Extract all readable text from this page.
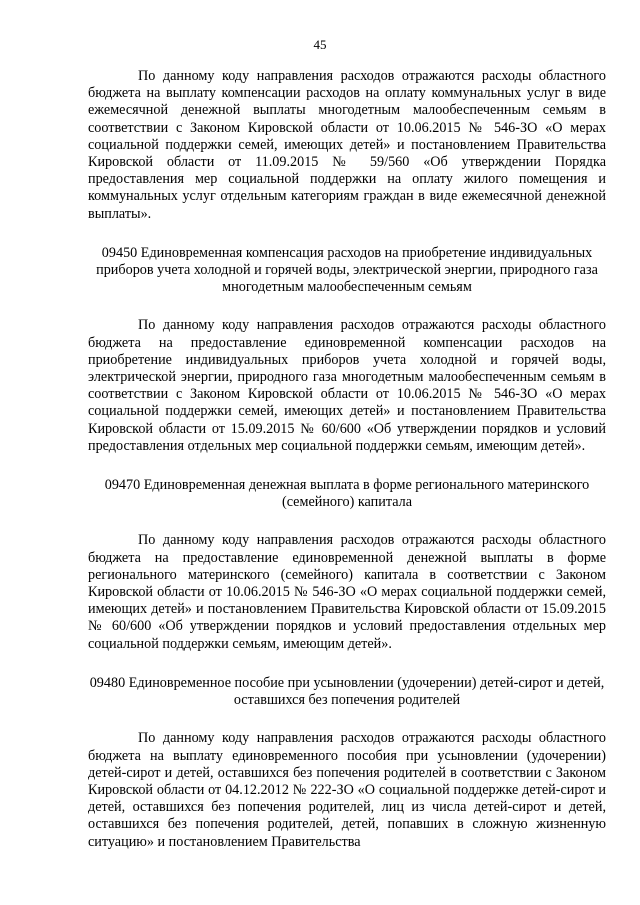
45

По данному коду направления расходов отражаются расходы областного бюджета на выплату компенсации расходов на оплату коммунальных услуг в виде ежемесячной денежной выплаты многодетным малообеспеченным семьям в соответствии с Законом Кировской области от 10.06.2015 № 546-ЗО «О мерах социальной поддержки семей, имеющих детей» и постановлением Правительства Кировской области от 11.09.2015 № 59/560 «Об утверждении Порядка предоставления мер социальной поддержки на оплату жилого помещения и коммунальных услуг отдельным категориям граждан в виде ежемесячной денежной выплаты».

09450 Единовременная компенсация расходов на приобретение индивидуальных приборов учета холодной и горячей воды, электрической энергии, природного газа многодетным малообеспеченным семьям

По данному коду направления расходов отражаются расходы областного бюджета на предоставление единовременной компенсации расходов на приобретение индивидуальных приборов учета холодной и горячей воды, электрической энергии, природного газа многодетным малообеспеченным семьям в соответствии с Законом Кировской области от 10.06.2015 № 546-ЗО «О мерах социальной поддержки семей, имеющих детей» и постановлением Правительства Кировской области от 15.09.2015 № 60/600 «Об утверждении порядков и условий предоставления отдельных мер социальной поддержки семьям, имеющим детей».

09470 Единовременная денежная выплата в форме регионального материнского (семейного) капитала

По данному коду направления расходов отражаются расходы областного бюджета на предоставление единовременной денежной выплаты в форме регионального материнского (семейного) капитала в соответствии с Законом Кировской области от 10.06.2015 № 546-ЗО «О мерах социальной поддержки семей, имеющих детей» и постановлением Правительства Кировской области от 15.09.2015 № 60/600 «Об утверждении порядков и условий предоставления отдельных мер социальной поддержки семьям, имеющим детей».

09480 Единовременное пособие при усыновлении (удочерении) детей-сирот и детей, оставшихся без попечения родителей

По данному коду направления расходов отражаются расходы областного бюджета на выплату единовременного пособия при усыновлении (удочерении) детей-сирот и детей, оставшихся без попечения родителей в соответствии с Законом Кировской области от 04.12.2012 № 222-ЗО «О социальной поддержке детей-сирот и детей, оставшихся без попечения родителей, лиц из числа детей-сирот и детей, оставшихся без попечения родителей, детей, попавших в сложную жизненную ситуацию» и постановлением Правительства
